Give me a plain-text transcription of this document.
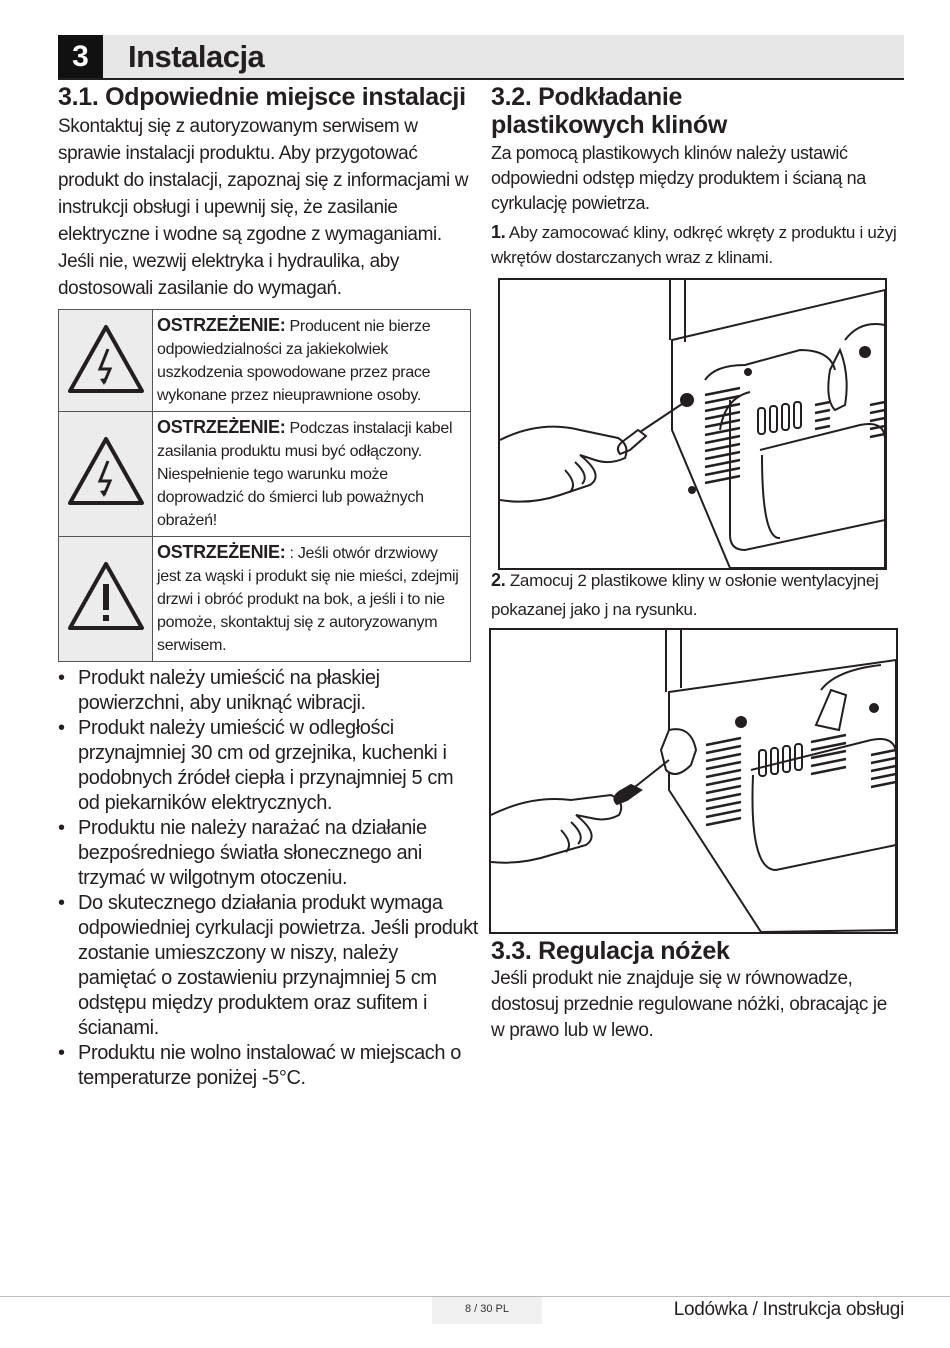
3	Instalacja
3.1. Odpowiednie miejsce instalacji

Skontaktuj się z autoryzowanym serwisem w sprawie instalacji produktu. Aby przygotować produkt do instalacji, zapoznaj się z informacjami w instrukcji obsługi i upewnij się, że zasilanie elektryczne i wodne są zgodne z wymaganiami. Jeśli nie, wezwij elektryka i hydraulika, aby dostosowali zasilanie do wymagań.

	OSTRZEŻENIE: Producent nie bierze odpowiedzialności za jakiekolwiek uszkodzenia spowodowane przez prace wykonane przez nieuprawnione osoby.
	OSTRZEŻENIE: Podczas instalacji kabel zasilania produktu musi być odłączony. Niespełnienie tego warunku może doprowadzić do śmierci lub poważnych obrażeń!
	OSTRZEŻENIE: : Jeśli otwór drzwiowy jest za wąski i produkt się nie mieści, zdejmij drzwi i obróć produkt na bok, a jeśli i to nie pomoże, skontaktuj się z autoryzowanym serwisem.
• Produkt należy umieścić na płaskiej powierzchni, aby uniknąć wibracji.
• Produkt należy umieścić w odległości przynajmniej 30 cm od grzejnika, kuchenki i podobnych źródeł ciepła i przynajmniej 5 cm od piekarników elektrycznych.
• Produktu nie należy narażać na działanie bezpośredniego światła słonecznego ani trzymać w wilgotnym otoczeniu.
• Do skutecznego działania produkt wymaga odpowiedniej cyrkulacji powietrza. Jeśli produkt zostanie umieszczony w niszy, należy pamiętać o zostawieniu przynajmniej 5 cm odstępu między produktem oraz sufitem i ścianami.
• Produktu nie wolno instalować w miejscach o temperaturze poniżej -5°C.
3.2. Podkładanie
plastikowych klinów

Za pomocą plastikowych klinów należy ustawić odpowiedni odstęp między produktem i ścianą na cyrkulację powietrza.

1. Aby zamocować kliny, odkręć wkręty z produktu i użyj wkrętów dostarczanych wraz z klinami.

2. Zamocuj 2 plastikowe kliny w osłonie wentylacyjnej pokazanej jako j na rysunku.

3.3. Regulacja nóżek

Jeśli produkt nie znajduje się w równowadze, dostosuj przednie regulowane nóżki, obracając je w prawo lub w lewo.

8 / 30 PL	Lodówka / Instrukcja obsługi
